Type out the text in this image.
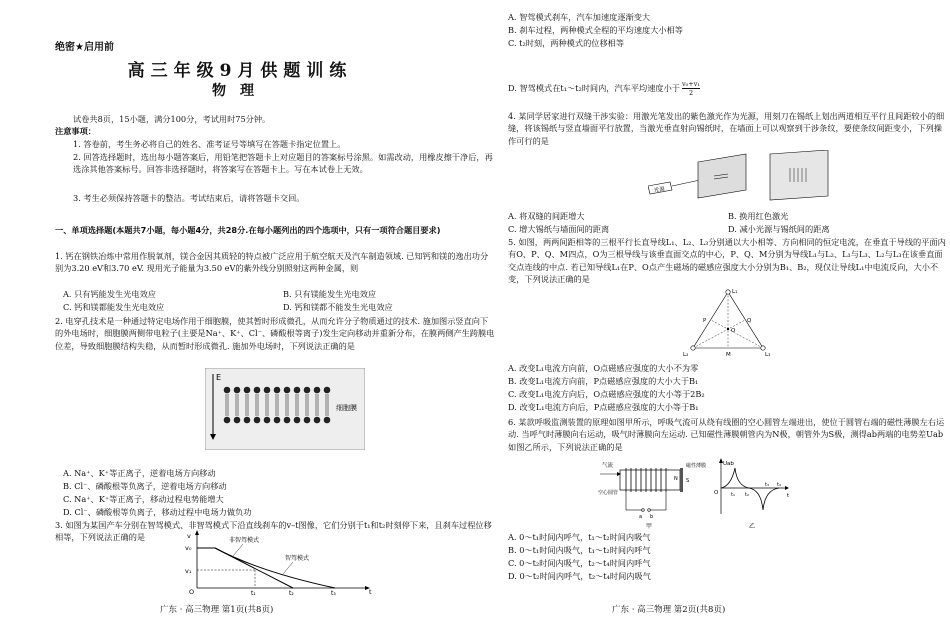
绝密★启用前
高三年级9月供题训练
物理

试卷共8页，15小题，满分100分，考试用时75分钟。

注意事项：

1. 答卷前，考生务必将自己的姓名、准考证号等填写在答题卡指定位置上。

2. 回答选择题时，选出每小题答案后，用铅笔把答题卡上对应题目的答案标号涂黑。如需改动，用橡皮擦干净后，再选涂其他答案标号。回答非选择题时，将答案写在答题卡上。写在本试卷上无效。

3. 考生必须保持答题卡的整洁。考试结束后，请将答题卡交回。

一、单项选择题(本题共7小题，每小题4分，共28分.在每小题列出的四个选项中，只有一项符合题目要求)

1. 钙在钢铁冶炼中常用作脱氧剂，镁合金因其质轻的特点被广泛应用于航空航天及汽车制造领域. 已知钙和镁的逸出功分别为3.20 eV和3.70 eV. 现用光子能量为3.50 eV的紫外线分别照射这两种金属，则

A. 只有钙能发生光电效应	B. 只有镁能发生光电效应
C. 钙和镁都能发生光电效应	D. 钙和镁都不能发生光电效应

2. 电穿孔技术是一种通过特定电场作用于细胞膜，使其暂时形成微孔，从而允许分子物质通过的技术. 施加图示竖直向下的外电场时，细胞膜两侧带电粒子(主要是Na⁺、K⁺、Cl⁻、磷酸根等离子)发生定向移动并重新分布，在膜两侧产生跨膜电位差，导致细胞膜结构失稳，从而暂时形成微孔. 施加外电场时，下列说法正确的是

E
细胞膜

A. Na⁺、K⁺等正离子，逆着电场方向移动

B. Cl⁻、磷酸根等负离子，逆着电场方向移动

C. Na⁺、K⁺等正离子，移动过程电势能增大

D. Cl⁻、磷酸根等负离子，移动过程中电场力做负功

3. 如图为某国产车分别在智驾模式、非智驾模式下沿直线刹车的v–t图像，它们分别于t₁和t₂时刻停下来，且刹车过程位移相等，下列说法正确的是	v
t
O
v₀
v₁
非智驾模式
智驾模式
t₁	t₂	t₃
广东 · 高三物理 第1页(共8页)

A. 智驾模式刹车，汽车加速度逐渐变大

B. 刹车过程，两种模式全程的平均速度大小相等

C. t₂时刻，两种模式的位移相等

D. 智驾模式在t₁～t₂时间内，汽车平均速度小于 $\frac{\text{v₀+v₁}}{2}$

4. 某同学居家进行双缝干涉实验：用激光笔发出的紫色激光作为光源，用刻刀在锡纸上划出两道相互平行且间距较小的细缝，将该锡纸与竖直墙面平行放置，当激光垂直射向锡纸时，在墙面上可以观察到干涉条纹，要使条纹间距变小，下列操作可行的是

光源
A. 将双缝的间距增大	B. 换用红色激光
C. 增大锡纸与墙面间的距离	D. 减小光源与锡纸间的距离

5. 如图，两两间距相等的三根平行长直导线L₁、L₂、L₃分别通以大小相等、方向相同的恒定电流，在垂直于导线的平面内有O、P、Q、M四点，O为三根导线与该垂直面交点的中心，P、Q、M分别为导线L₁与L₂、L₁与L₃、L₂与L₃在该垂直面交点连线的中点. 若已知导线L₁在P、O点产生磁场的磁感应强度大小分别为B₁、B₂，现仅让导线L₁中电流反向，大小不变，下列说法正确的是

L₁
L₂	L₃
P	Q
M
O

A. 改变L₁电流方向前，O点磁感应强度的大小不为零

B. 改变L₁电流方向前，P点磁感应强度的大小大于B₁

C. 改变L₁电流方向后，O点磁感应强度的大小等于2B₂

D. 改变L₁电流方向后，P点磁感应强度的大小等于B₁

6. 某款呼吸监测装置的原理如图甲所示，呼吸气流可从绕有线圈的空心圆管左端进出，使位于圆管右端的磁性薄膜左右运动. 当呼气时薄膜向右运动，吸气时薄膜向左运动. 已知磁性薄膜朝管内为N极，朝管外为S极，测得ab两端的电势差Uab如图乙所示，下列说法正确的是

气流	磁性薄膜
N S
空心圆管
a b
甲
Uab
t
O	t₁ t₂
t₃ t₄
乙

A. 0～t₁时间内呼气，t₁～t₂时间内吸气

B. 0～t₁时间内吸气，t₁～t₂时间内呼气

C. 0～t₂时间内吸气，t₂～t₄时间内呼气

D. 0～t₂时间内呼气，t₂～t₄时间内吸气

广东 · 高三物理 第2页(共8页)
